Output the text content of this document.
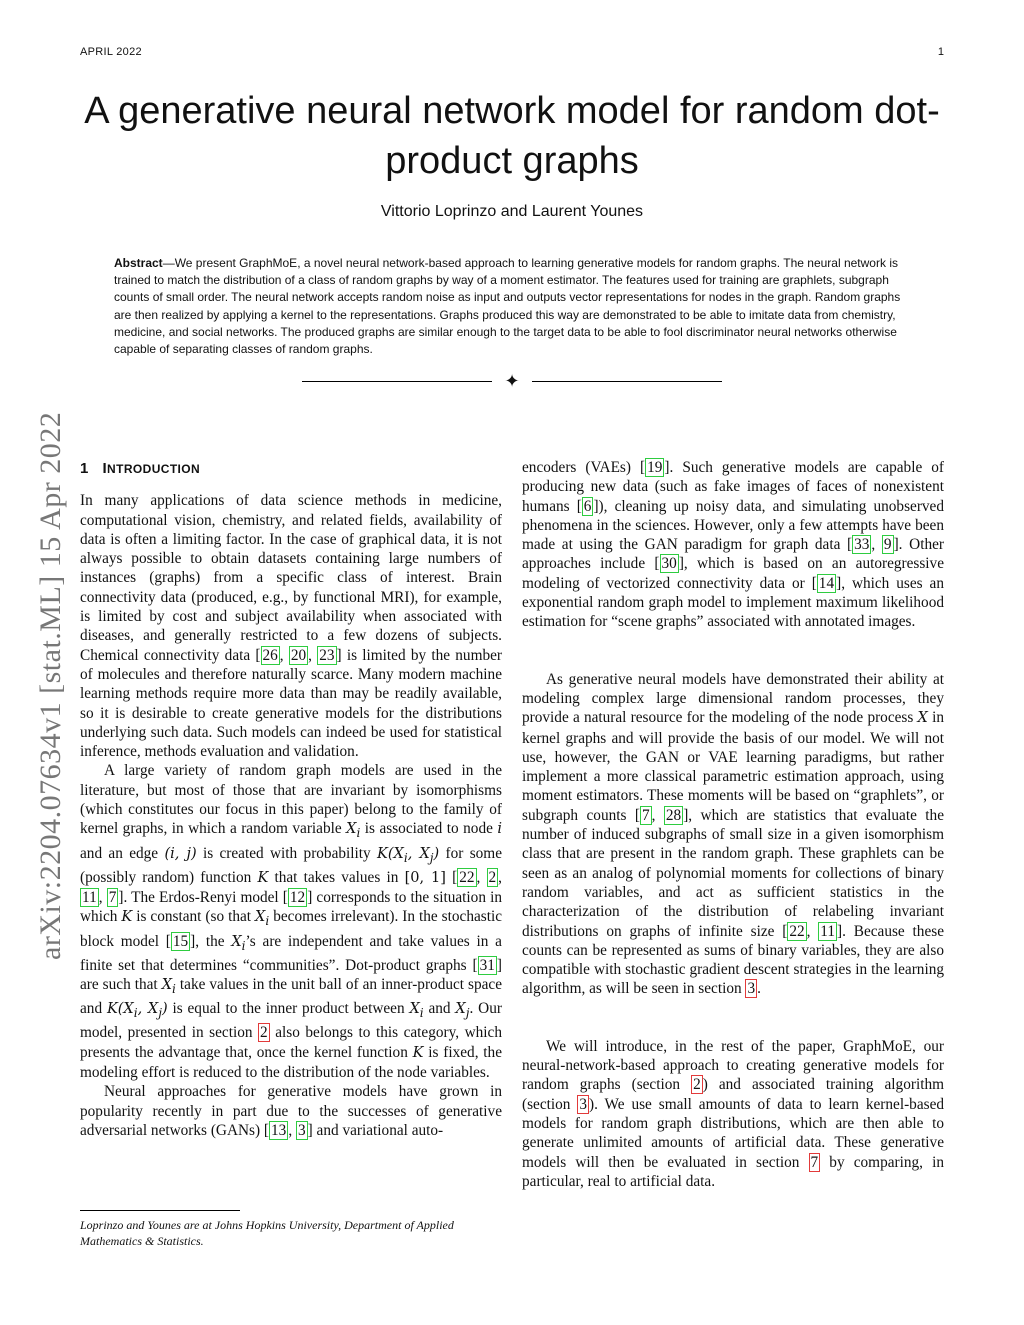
APRIL 2022	1
arXiv:2204.07634v1 [stat.ML] 15 Apr 2022
A generative neural network model for random dot-product graphs
Vittorio Loprinzo and Laurent Younes

Abstract—We present GraphMoE, a novel neural network-based approach to learning generative models for random graphs. The neural network is trained to match the distribution of a class of random graphs by way of a moment estimator. The features used for training are graphlets, subgraph counts of small order. The neural network accepts random noise as input and outputs vector representations for nodes in the graph. Random graphs are then realized by applying a kernel to the representations. Graphs produced this way are demonstrated to be able to imitate data from chemistry, medicine, and social networks. The produced graphs are similar enough to the target data to be able to fool discriminator neural networks otherwise capable of separating classes of random graphs.

✦
1 INTRODUCTION

In many applications of data science methods in medicine, computational vision, chemistry, and related fields, availability of data is often a limiting factor. In the case of graphical data, it is not always possible to obtain datasets containing large numbers of instances (graphs) from a specific class of interest. Brain connectivity data (produced, e.g., by functional MRI), for example, is limited by cost and subject availability when associated with diseases, and generally restricted to a few dozens of subjects. Chemical connectivity data [ 26 , 20 , 23 ] is limited by the number of molecules and therefore naturally scarce. Many modern machine learning methods require more data than may be readily available, so it is desirable to create generative models for the distributions underlying such data. Such models can indeed be used for statistical inference, methods evaluation and validation.

A large variety of random graph models are used in the literature, but most of those that are invariant by isomorphisms (which constitutes our focus in this paper) belong to the family of kernel graphs, in which a random variable $X_i$ is associated to node i and an edge (i, j) is created with probability $K(X_i$, $X_j$) for some (possibly random) function K that takes values in [0, 1] [ 22 , 2 , 11 , 7 ]. The Erdos-Renyi model [ 12 ] corresponds to the situation in which K is constant (so that $X_i$ becomes irrelevant). In the stochastic block model [ 15 ], the $X_i’s$ are independent and take values in a finite set that determines “communities”. Dot-product graphs [ 31 ] are such that $X_i$ take values in the unit ball of an inner-product space and $K(X_i$, $X_j$) is equal to the inner product between $X_i$ and $X_j$. Our model, presented in section 2 also belongs to this category, which presents the advantage that, once the kernel function K is fixed, the modeling effort is reduced to the distribution of the node variables.

Neural approaches for generative models have grown in popularity recently in part due to the successes of generative adversarial networks (GANs) [ 13 , 3 ] and variational auto-

Loprinzo and Younes are at Johns Hopkins University, Department of Applied Mathematics & Statistics.

encoders (VAEs) [ 19 ]. Such generative models are capable of producing new data (such as fake images of faces of nonexistent humans [ 6 ]), cleaning up noisy data, and simulating unobserved phenomena in the sciences. However, only a few attempts have been made at using the GAN paradigm for graph data [ 33 , 9 ]. Other approaches include [ 30 ], which is based on an autoregressive modeling of vectorized connectivity data or [ 14 ], which uses an exponential random graph model to implement maximum likelihood estimation for “scene graphs” associated with annotated images.

As generative neural models have demonstrated their ability at modeling complex large dimensional random processes, they provide a natural resource for the modeling of the node process X in kernel graphs and will provide the basis of our model. We will not use, however, the GAN or VAE learning paradigms, but rather implement a more classical parametric estimation approach, using moment estimators. These moments will be based on “graphlets”, or subgraph counts [ 7 , 28 ], which are statistics that evaluate the number of induced subgraphs of small size in a given isomorphism class that are present in the random graph. These graphlets can be seen as an analog of polynomial moments for collections of binary random variables, and act as sufficient statistics in the characterization of the distribution of relabeling invariant distributions on graphs of infinite size [ 22 , 11 ]. Because these counts can be represented as sums of binary variables, they are also compatible with stochastic gradient descent strategies in the learning algorithm, as will be seen in section 3 .

We will introduce, in the rest of the paper, GraphMoE, our neural-network-based approach to creating generative models for random graphs (section 2 ) and associated training algorithm (section 3 ). We use small amounts of data to learn kernel-based models for random graph distributions, which are then able to generate unlimited amounts of artificial data. These generative models will then be evaluated in section 7 by comparing, in particular, real to artificial data.
